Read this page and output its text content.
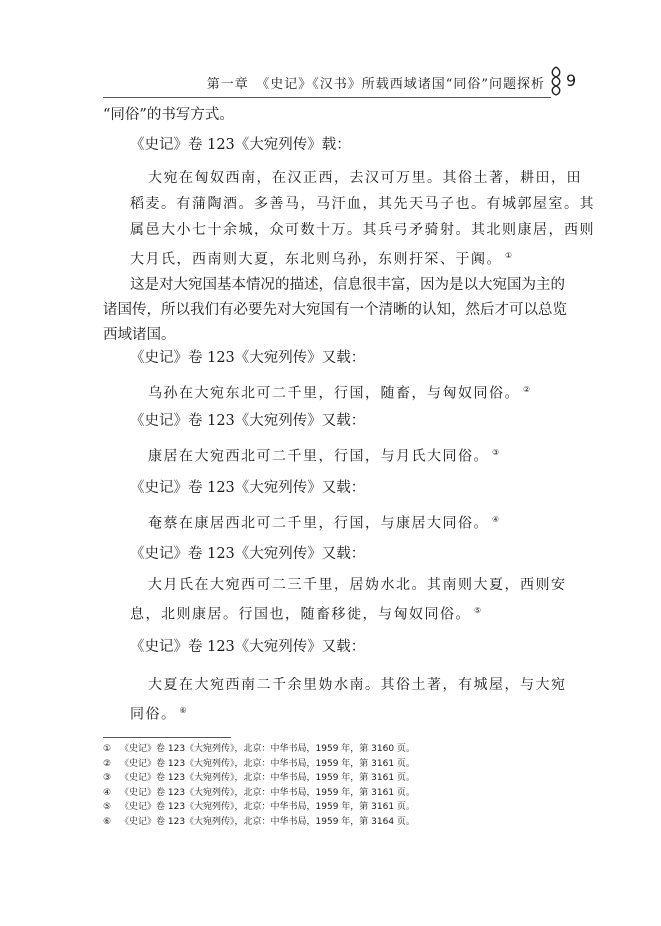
第一章　《史记》《汉书》所载西域诸国“同俗”问题探析 9
“同俗”的书写方式。
《史记》卷 123《大宛列传》载：
大宛在匈奴西南，在汉正西，去汉可万里。其俗土著，耕田，田
稻麦。有蒲陶酒。多善马，马汗血，其先天马子也。有城郭屋室。其
属邑大小七十余城，众可数十万。其兵弓矛骑射。其北则康居，西则
大月氏，西南则大夏，东北则乌孙，东则扜罙、于阗。 ①
这是对大宛国基本情况的描述，信息很丰富，因为是以大宛国为主的
诸国传，所以我们有必要先对大宛国有一个清晰的认知，然后才可以总览
西域诸国。
《史记》卷 123《大宛列传》又载：
乌孙在大宛东北可二千里，行国，随畜，与匈奴同俗。 ②
《史记》卷 123《大宛列传》又载：
康居在大宛西北可二千里，行国，与月氏大同俗。 ③
《史记》卷 123《大宛列传》又载：
奄蔡在康居西北可二千里，行国，与康居大同俗。 ④
《史记》卷 123《大宛列传》又载：
大月氏在大宛西可二三千里，居妫水北。其南则大夏，西则安
息，北则康居。行国也，随畜移徙，与匈奴同俗。 ⑤
《史记》卷 123《大宛列传》又载：
大夏在大宛西南二千余里妫水南。其俗土著，有城屋，与大宛
同俗。 ⑥
① 《史记》卷 123《大宛列传》，北京：中华书局，1959 年，第 3160 页。
② 《史记》卷 123《大宛列传》，北京：中华书局，1959 年，第 3161 页。
③ 《史记》卷 123《大宛列传》，北京：中华书局，1959 年，第 3161 页。
④ 《史记》卷 123《大宛列传》，北京：中华书局，1959 年，第 3161 页。
⑤ 《史记》卷 123《大宛列传》，北京：中华书局，1959 年，第 3161 页。
⑥ 《史记》卷 123《大宛列传》，北京：中华书局，1959 年，第 3164 页。
